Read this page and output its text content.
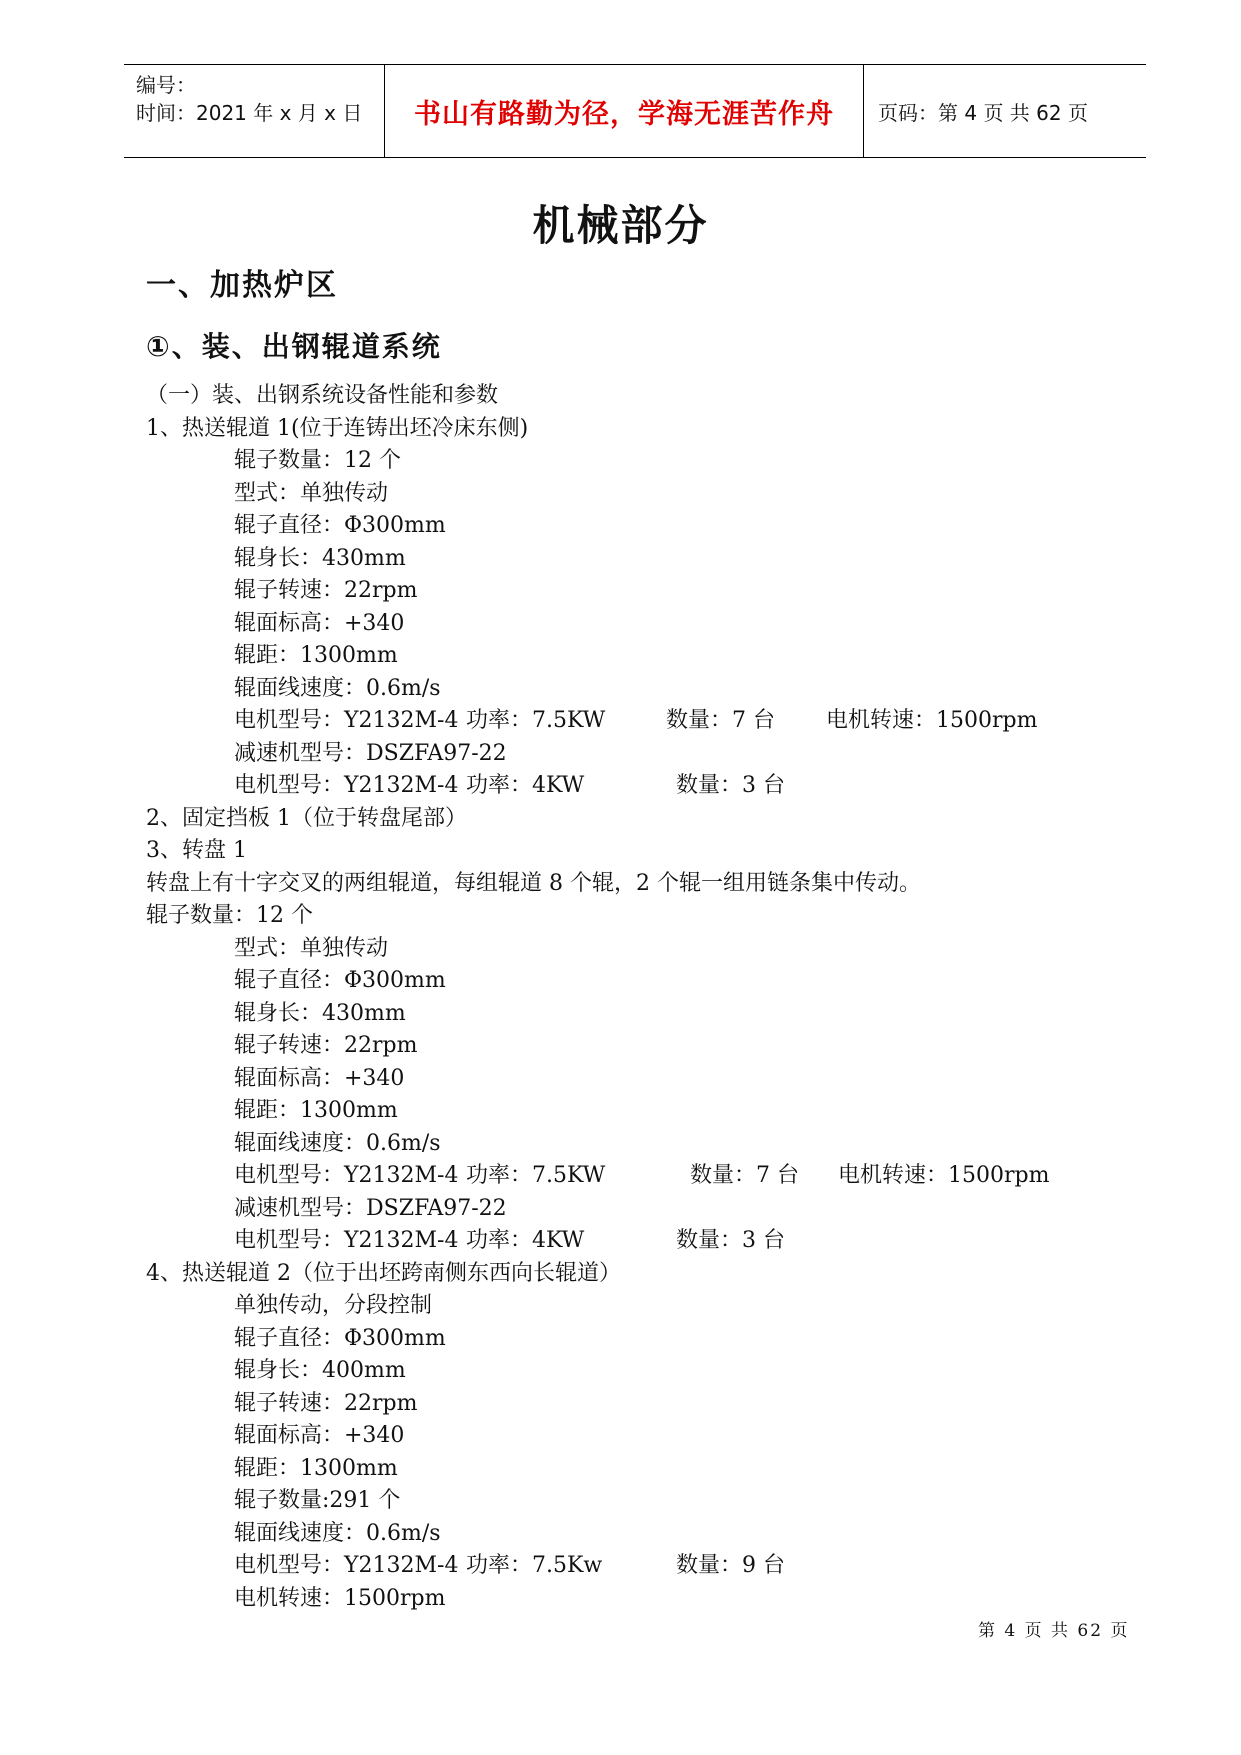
编号：
时间：2021 年 x 月 x 日 书山有路勤为径，学海无涯苦作舟 页码：第 4 页 共 62 页
机械部分
一、加热炉区
①、装、出钢辊道系统
（一）装、出钢系统设备性能和参数
1、热送辊道 1(位于连铸出坯冷床东侧)
辊子数量：12 个
型式：单独传动
辊子直径：Φ300mm
辊身长：430mm
辊子转速：22rpm
辊面标高：+340
辊距：1300mm
辊面线速度：0.6m/s
电机型号：Y2132M-4 功率：7.5KW	数量：7 台 电机转速：1500rpm
减速机型号：DSZFA97-22
电机型号：Y2132M-4 功率：4KW	数量：3 台
2、固定挡板 1（位于转盘尾部）
3、转盘 1
转盘上有十字交叉的两组辊道，每组辊道 8 个辊，2 个辊一组用链条集中传动。
辊子数量：12 个
型式：单独传动
辊子直径：Φ300mm
辊身长：430mm
辊子转速：22rpm
辊面标高：+340
辊距：1300mm
辊面线速度：0.6m/s
电机型号：Y2132M-4 功率：7.5KW	数量：7 台 电机转速：1500rpm
减速机型号：DSZFA97-22
电机型号：Y2132M-4 功率：4KW	数量：3 台
4、热送辊道 2（位于出坯跨南侧东西向长辊道）
单独传动，分段控制
辊子直径：Φ300mm
辊身长：400mm
辊子转速：22rpm
辊面标高：+340
辊距：1300mm
辊子数量:291 个
辊面线速度：0.6m/s
电机型号：Y2132M-4 功率：7.5Kw	数量：9 台
电机转速：1500rpm
第 4 页 共 62 页
